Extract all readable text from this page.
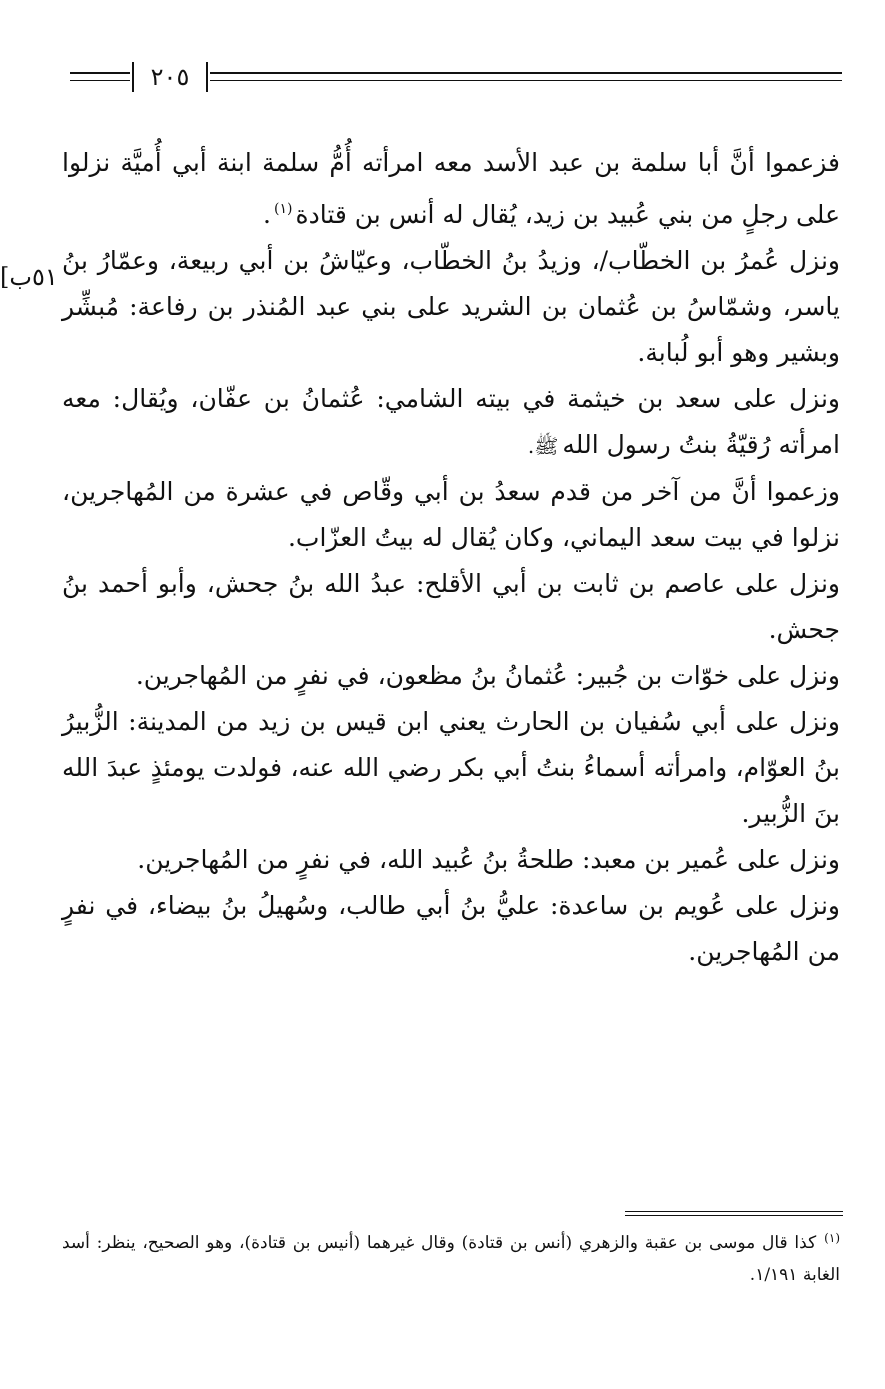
٢٠٥
[٥١ب

فزعموا أنَّ أبا سلمة بن عبد الأسد معه امرأته أُمُّ سلمة ابنة أبي أُميَّة نزلوا على رجلٍ من بني عُبيد بن زيد، يُقال له أنس بن قتادة$^{(١)}$.

ونزل عُمرُ بن الخطّاب/، وزيدُ بنُ الخطّاب، وعيّاشُ بن أبي ربيعة، وعمّارُ بنُ ياسر، وشمّاسُ بن عُثمان بن الشريد على بني عبد المُنذر بن رفاعة: مُبشِّر وبشير وهو أبو لُبابة.

ونزل على سعد بن خيثمة في بيته الشامي: عُثمانُ بن عفّان، ويُقال: معه امرأته رُقيّةُ بنتُ رسول اللهﷺ.

وزعموا أنَّ من آخر من قدم سعدُ بن أبي وقّاص في عشرة من المُهاجرين، نزلوا في بيت سعد اليماني، وكان يُقال له بيتُ العزّاب.

ونزل على عاصم بن ثابت بن أبي الأقلح: عبدُ الله بنُ جحش، وأبو أحمد بنُ جحش.

ونزل على خوّات بن جُبير: عُثمانُ بنُ مظعون، في نفرٍ من المُهاجرين.

ونزل على أبي سُفيان بن الحارث يعني ابن قيس بن زيد من المدينة: الزُّبيرُ بنُ العوّام، وامرأته أسماءُ بنتُ أبي بكر رضي الله عنه، فولدت يومئذٍ عبدَ الله بنَ الزُّبير.

ونزل على عُمير بن معبد: طلحةُ بنُ عُبيد الله، في نفرٍ من المُهاجرين.

ونزل على عُويم بن ساعدة: عليُّ بنُ أبي طالب، وسُهيلُ بنُ بيضاء، في نفرٍ من المُهاجرين.

$^{(١)}$كذا قال موسى بن عقبة والزهري (أنس بن قتادة) وقال غيرهما (أنيس بن قتادة)، وهو الصحيح، ينظر: أسد الغابة ١/١٩١.
